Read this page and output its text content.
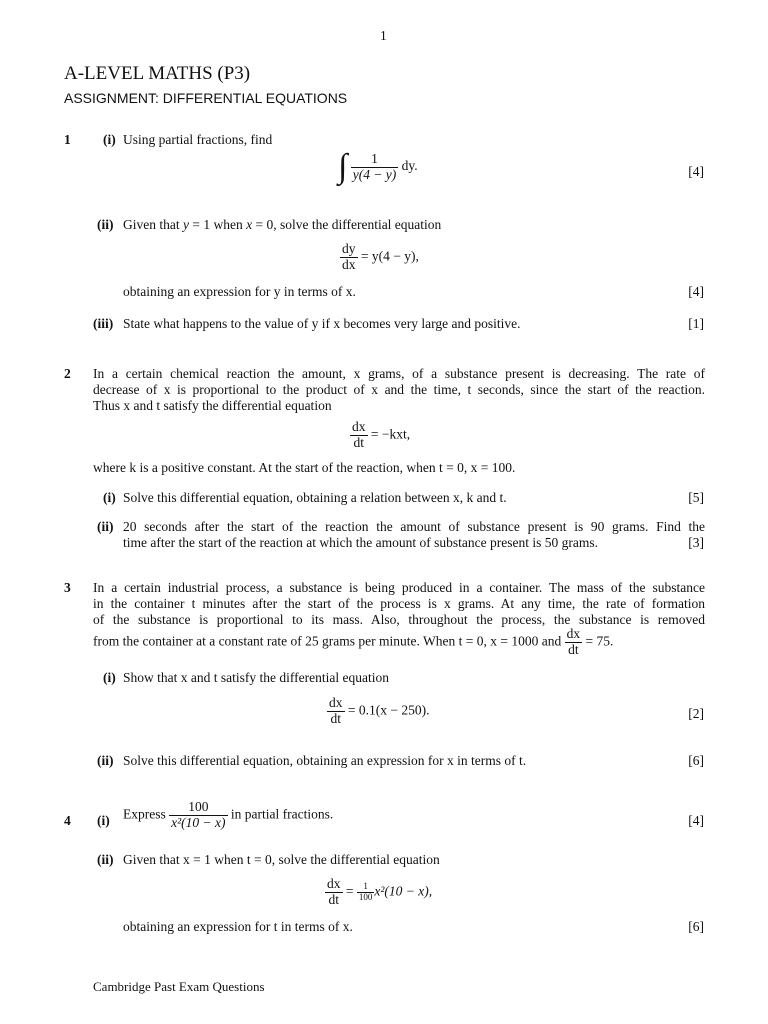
1
A-LEVEL MATHS (P3)
ASSIGNMENT: DIFFERENTIAL EQUATIONS
1 (i) Using partial fractions, find
∫ $\frac{1}{y(4 - y)}$ dy.	[4]
(ii) Given that y = 1 when x = 0, solve the differential equation
$\frac{dy}{dx} = y(4 - y)$,
obtaining an expression for y in terms of x.	[4]
(iii) State what happens to the value of y if x becomes very large and positive.	[1]
2 In a certain chemical reaction the amount, x grams, of a substance present is decreasing. The rate of
decrease of x is proportional to the product of x and the time, t seconds, since the start of the reaction.
Thus x and t satisfy the differential equation
$\frac{dx}{dt} = -kxt$,
where k is a positive constant. At the start of the reaction, when t = 0, x = 100.
(i) Solve this differential equation, obtaining a relation between x, k and t.	[5]
(ii) 20 seconds after the start of the reaction the amount of substance present is 90 grams. Find the
time after the start of the reaction at which the amount of substance present is 50 grams.	[3]
3 In a certain industrial process, a substance is being produced in a container. The mass of the substance
in the container t minutes after the start of the process is x grams. At any time, the rate of formation
of the substance is proportional to its mass. Also, throughout the process, the substance is removed
from the container at a constant rate of 25 grams per minute. When t = 0, x = 1000 and $\frac{dx}{dt} = 75$.
(i) Show that x and t satisfy the differential equation
$\frac{dx}{dt} = 0.1(x - 250)$.	[2]
(ii) Solve this differential equation, obtaining an expression for x in terms of t.	[6]
4 (i) Express $\frac{100}{\text{x²(10 − x)}}$ in partial fractions.	[4]
(ii) Given that x = 1 when t = 0, solve the differential equation
$\frac{dx}{dt} = \frac{1}{100} x^2(10 - x)$,
obtaining an expression for t in terms of x.	[6]
Cambridge Past Exam Questions
